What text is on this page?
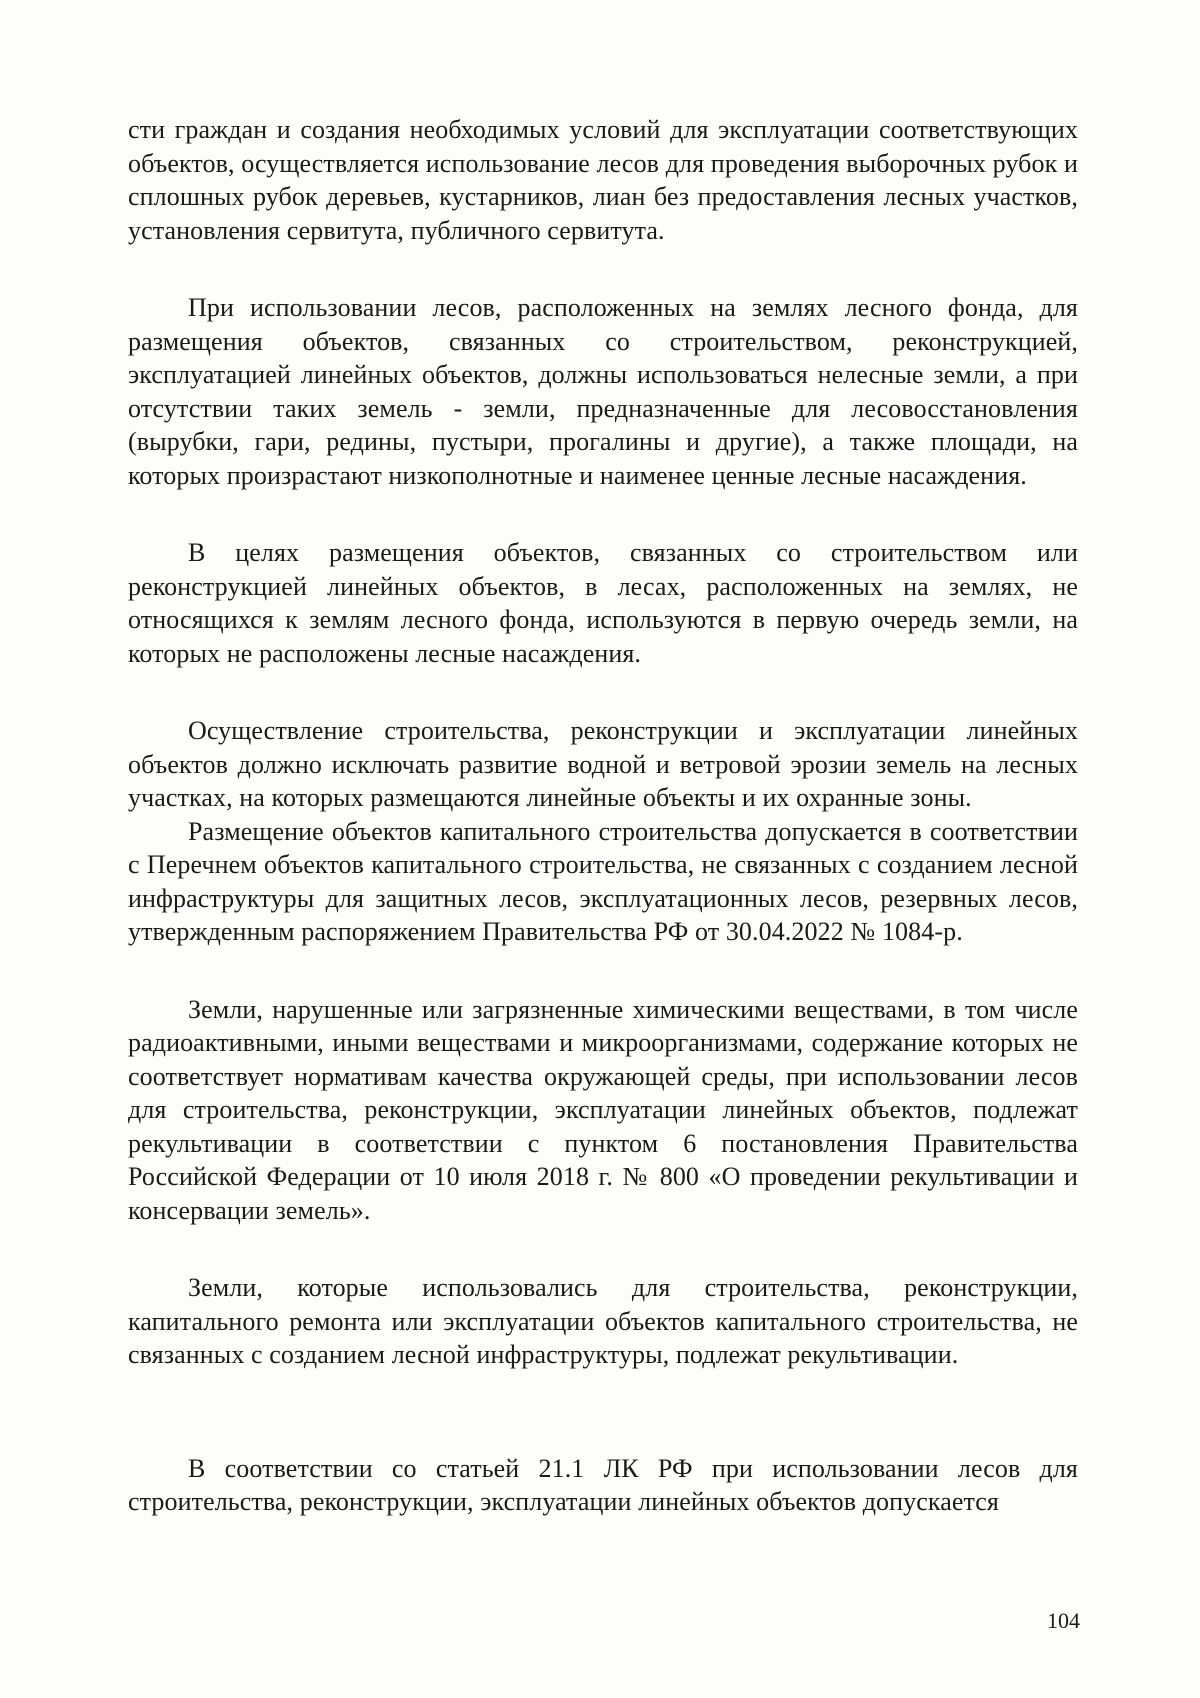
сти граждан и создания необходимых условий для эксплуатации соответствующих объектов, осуществляется использование лесов для проведения выборочных рубок и сплошных рубок деревьев, кустарников, лиан без предоставления лесных участков, установления сервитута, публичного сервитута.

При использовании лесов, расположенных на землях лесного фонда, для размещения объектов, связанных со строительством, реконструкцией, эксплуатацией линейных объектов, должны использоваться нелесные земли, а при отсутствии таких земель - земли, предназначенные для лесовосстановления (вырубки, гари, редины, пустыри, прогалины и другие), а также площади, на которых произрастают низкополнотные и наименее ценные лесные насаждения.

В целях размещения объектов, связанных со строительством или реконструкцией линейных объектов, в лесах, расположенных на землях, не относящихся к землям лесного фонда, используются в первую очередь земли, на которых не расположены лесные насаждения.

Осуществление строительства, реконструкции и эксплуатации линейных объектов должно исключать развитие водной и ветровой эрозии земель на лесных участках, на которых размещаются линейные объекты и их охранные зоны.

Размещение объектов капитального строительства допускается в соответствии с Перечнем объектов капитального строительства, не связанных с созданием лесной инфраструктуры для защитных лесов, эксплуатационных лесов, резервных лесов, утвержденным распоряжением Правительства РФ от 30.04.2022 № 1084-р.

Земли, нарушенные или загрязненные химическими веществами, в том числе радиоактивными, иными веществами и микроорганизмами, содержание которых не соответствует нормативам качества окружающей среды, при использовании лесов для строительства, реконструкции, эксплуатации линейных объектов, подлежат рекультивации в соответствии с пунктом 6 постановления Правительства Российской Федерации от 10 июля 2018 г. № 800 «О проведении рекультивации и консервации земель».

Земли, которые использовались для строительства, реконструкции, капитального ремонта или эксплуатации объектов капитального строительства, не связанных с созданием лесной инфраструктуры, подлежат рекультивации.

В соответствии со статьей 21.1 ЛК РФ при использовании лесов для строительства, реконструкции, эксплуатации линейных объектов допускается

104
